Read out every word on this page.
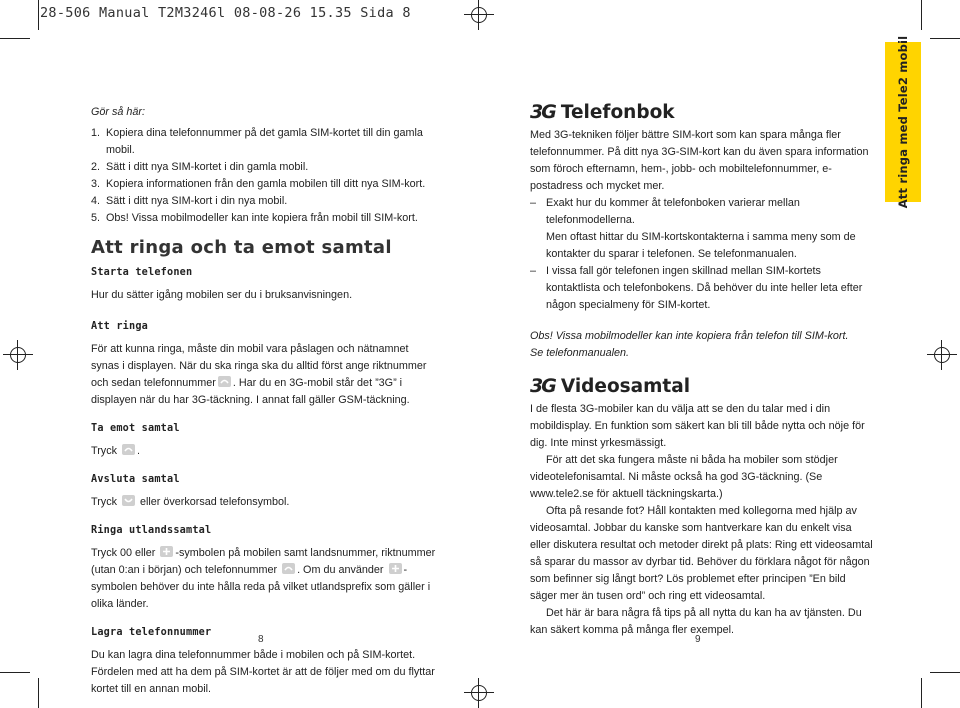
28-506 Manual T2M3246l 08-08-26 15.35 Sida 8
Gör så här:
1. Kopiera dina telefonnummer på det gamla SIM-kortet till din gamla mobil.
2. Sätt i ditt nya SIM-kortet i din gamla mobil.
3. Kopiera informationen från den gamla mobilen till ditt nya SIM-kort.
4. Sätt i ditt nya SIM-kort i din nya mobil.
5. Obs! Vissa mobilmodeller kan inte kopiera från mobil till SIM-kort.
Att ringa och ta emot samtal
Starta telefonen

Hur du sätter igång mobilen ser du i bruksanvisningen.

Att ringa

För att kunna ringa, måste din mobil vara påslagen och nätnamnet synas i displayen. När du ska ringa ska du alltid först ange riktnummer och sedan telefonnummer . Har du en 3G-mobil står det ”3G” i displayen när du har 3G-täckning. I annat fall gäller GSM-täckning.

Ta emot samtal

Tryck .

Avsluta samtal

Tryck eller överkorsad telefonsymbol.

Ringa utlandssamtal

Tryck 00 eller -symbolen på mobilen samt landsnummer, riktnummer (utan 0:an i början) och telefonnummer . Om du använder -symbolen behöver du inte hålla reda på vilket utlandsprefix som gäller i olika länder.

Lagra telefonnummer

Du kan lagra dina telefonnummer både i mobilen och på SIM-kortet. Fördelen med att ha dem på SIM-kortet är att de följer med om du flyttar kortet till en annan mobil.

8
3G Telefonbok

Med 3G-tekniken följer bättre SIM-kort som kan spara många fler telefonnummer. På ditt nya 3G-SIM-kort kan du även spara information som föroch efternamn, hem-, jobb- och mobiltelefonnummer, e-postadress och mycket mer.

– Exakt hur du kommer åt telefonboken varierar mellan telefonmodellerna.
Men oftast hittar du SIM-kortskontakterna i samma meny som de kontakter du sparar i telefonen. Se telefonmanualen.
– I vissa fall gör telefonen ingen skillnad mellan SIM-kortets kontaktlista och telefonbokens. Då behöver du inte heller leta efter någon specialmeny för SIM-kortet.

Obs! Vissa mobilmodeller kan inte kopiera från telefon till SIM-kort.

Se telefonmanualen.

3G Videosamtal

I de flesta 3G-mobiler kan du välja att se den du talar med i din mobildisplay. En funktion som säkert kan bli till både nytta och nöje för dig. Inte minst yrkesmässigt.

För att det ska fungera måste ni båda ha mobiler som stödjer videotelefonisamtal. Ni måste också ha god 3G-täckning. (Se www.tele2.se för aktuell täckningskarta.)

Ofta på resande fot? Håll kontakten med kollegorna med hjälp av videosamtal. Jobbar du kanske som hantverkare kan du enkelt visa eller diskutera resultat och metoder direkt på plats: Ring ett videosamtal så sparar du massor av dyrbar tid. Behöver du förklara något för någon som befinner sig långt bort? Lös problemet efter principen ”En bild säger mer än tusen ord” och ring ett videosamtal.

Det här är bara några få tips på all nytta du kan ha av tjänsten. Du kan säkert komma på många fler exempel.

9
Att ringa med Tele2 mobil
